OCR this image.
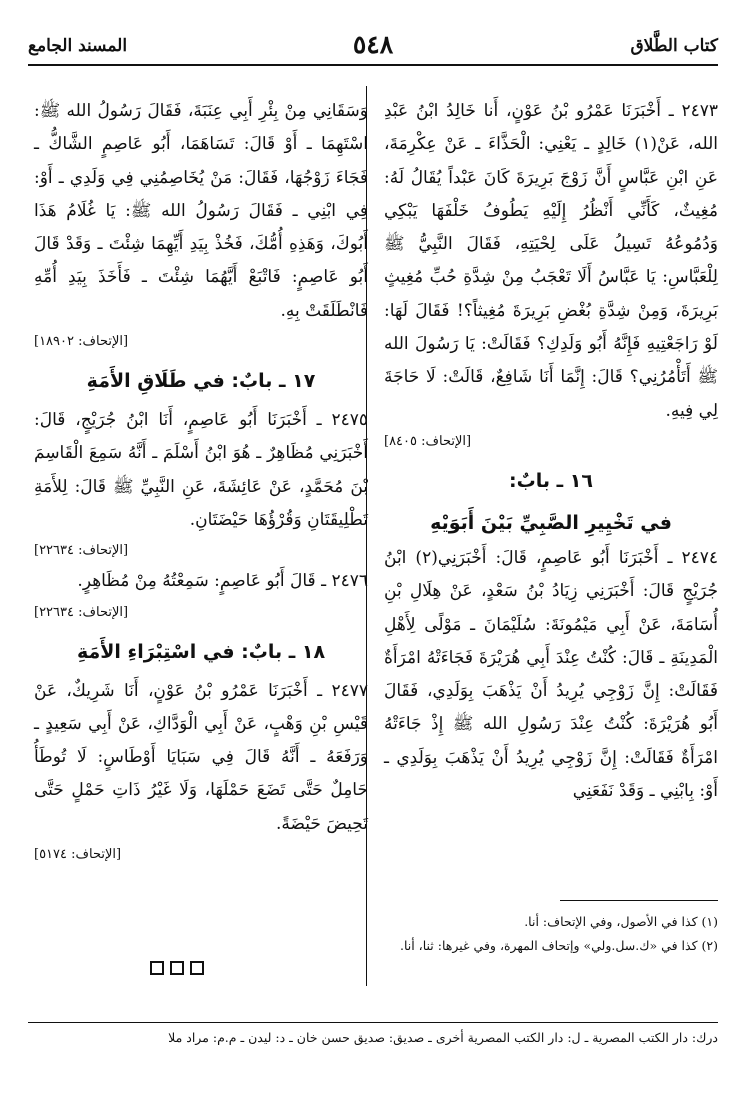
كتاب الطَّلاق
٥٤٨
المسند الجامع

٢٤٧٣ ـ أَخْبَرَنَا عَمْرُو بْنُ عَوْنٍ، أَنا خَالِدُ ابْنُ عَبْدِ الله، عَنْ(١) خَالِدٍ ـ يَعْنِي: الْحَذَّاءَ ـ عَنْ عِكْرِمَةَ، عَنِ ابْنِ عَبَّاسٍ أَنَّ زَوْجَ بَرِيرَةَ كَانَ عَبْداً يُقَالُ لَهُ: مُغِيثٌ، كَأَنِّي أَنْظُرُ إِلَيْهِ يَطُوفُ خَلْفَهَا يَبْكِي وَدُمُوعُهُ تَسِيلُ عَلَى لِحْيَتِهِ، فَقَالَ النَّبِيُّ ﷺ لِلْعَبَّاسِ: يَا عَبَّاسُ أَلَا تَعْجَبُ مِنْ شِدَّةِ حُبِّ مُغِيثٍ بَرِيرَةَ، وَمِنْ شِدَّةِ بُغْضِ بَرِيرَةَ مُغِيثاً؟! فَقَالَ لَهَا: لَوْ رَاجَعْتِيهِ فَإِنَّهُ أَبُو وَلَدِكِ؟ فَقَالَتْ: يَا رَسُولَ الله ﷺ أَتَأْمُرُنِي؟ قَالَ: إِنَّمَا أَنَا شَافِعٌ، قَالَتْ: لَا حَاجَةَ لِي فِيهِ.

[الإتحاف: ٨٤٠٥]

١٦ ـ بابٌ:

في تَخْيِيرِ الصَّبِيِّ بَيْنَ أَبَوَيْهِ

٢٤٧٤ ـ أَخْبَرَنَا أَبُو عَاصِمٍ، قَالَ: أَخْبَرَنِي(٢) ابْنُ جُرَيْجٍ قَالَ: أَخْبَرَنِي زِيَادُ بْنُ سَعْدٍ، عَنْ هِلَالِ بْنِ أُسَامَةَ، عَنْ أَبِي مَيْمُونَةَ: سُلَيْمَانَ ـ مَوْلًى لِأَهْلِ الْمَدِينَةِ ـ قَالَ: كُنْتُ عِنْدَ أَبِي هُرَيْرَةَ فَجَاءَتْهُ امْرَأَةٌ فَقَالَتْ: إِنَّ زَوْجِي يُرِيدُ أَنْ يَذْهَبَ بِوَلَدِي، فَقَالَ أَبُو هُرَيْرَةَ: كُنْتُ عِنْدَ رَسُولِ الله ﷺ إِذْ جَاءَتْهُ امْرَأَةٌ فَقَالَتْ: إِنَّ زَوْجِي يُرِيدُ أَنْ يَذْهَبَ بِوَلَدِي ـ أَوْ: بِابْنِي ـ وَقَدْ نَفَعَنِي

وَسَقَانِي مِنْ بِئْرِ أَبِي عِنَبَةَ، فَقَالَ رَسُولُ الله ﷺ: اسْتَهِمَا ـ أَوْ قَالَ: تَسَاهَمَا، أَبُو عَاصِمٍ الشَّاكُّ ـ فَجَاءَ زَوْجُهَا، فَقَالَ: مَنْ يُخَاصِمُنِي فِي وَلَدِي ـ أَوْ: فِي ابْنِي ـ فَقَالَ رَسُولُ الله ﷺ: يَا غُلَامُ هَذَا أَبُوكَ، وَهَذِهِ أُمُّكَ، فَخُذْ بِيَدِ أَيِّهِمَا شِئْتَ ـ وَقَدْ قَالَ أَبُو عَاصِمٍ: فَاتْبَعْ أَيَّهُمَا شِئْتَ ـ فَأَخَذَ بِيَدِ أُمِّهِ فَانْطَلَقَتْ بِهِ.

[الإتحاف: ١٨٩٠٢]

١٧ ـ بابٌ: في طَلَاقِ الأَمَةِ

٢٤٧٥ ـ أَخْبَرَنَا أَبُو عَاصِمٍ، أَنَا ابْنُ جُرَيْجٍ، قَالَ: أَخْبَرَنِي مُظَاهِرٌ ـ هُوَ ابْنُ أَسْلَمَ ـ أَنَّهُ سَمِعَ الْقَاسِمَ بْنَ مُحَمَّدٍ، عَنْ عَائِشَةَ، عَنِ النَّبِيِّ ﷺ قَالَ: لِلأَمَةِ تَطْلِيقَتَانِ وَقُرْؤُهَا حَيْضَتَانِ.

[الإتحاف: ٢٢٦٣٤]

٢٤٧٦ ـ قَالَ أَبُو عَاصِمٍ: سَمِعْتُهُ مِنْ مُظَاهِرٍ.

[الإتحاف: ٢٢٦٣٤]

١٨ ـ بابٌ: في اسْتِبْرَاءِ الأَمَةِ

٢٤٧٧ ـ أَخْبَرَنَا عَمْرُو بْنُ عَوْنٍ، أَنَا شَرِيكٌ، عَنْ قَيْسِ بْنِ وَهْبٍ، عَنْ أَبِي الْوَدَّاكِ، عَنْ أَبِي سَعِيدٍ ـ وَرَفَعَهُ ـ أَنَّهُ قَالَ فِي سَبَايَا أَوْطَاسٍ: لَا تُوطَأُ حَامِلٌ حَتَّى تَضَعَ حَمْلَهَا، وَلَا غَيْرُ ذَاتِ حَمْلٍ حَتَّى تَحِيضَ حَيْضَةً.

[الإتحاف: ٥١٧٤]

(١) كذا في الأصول، وفي الإتحاف: أنا.
(٢) كذا في «ك.سل.ولي» وإتحاف المهرة، وفي غيرها: ثنا، أنا.
درك: دار الكتب المصرية ـ ل: دار الكتب المصرية أخرى ـ صديق: صديق حسن خان ـ د: ليدن ـ م.م: مراد ملا
